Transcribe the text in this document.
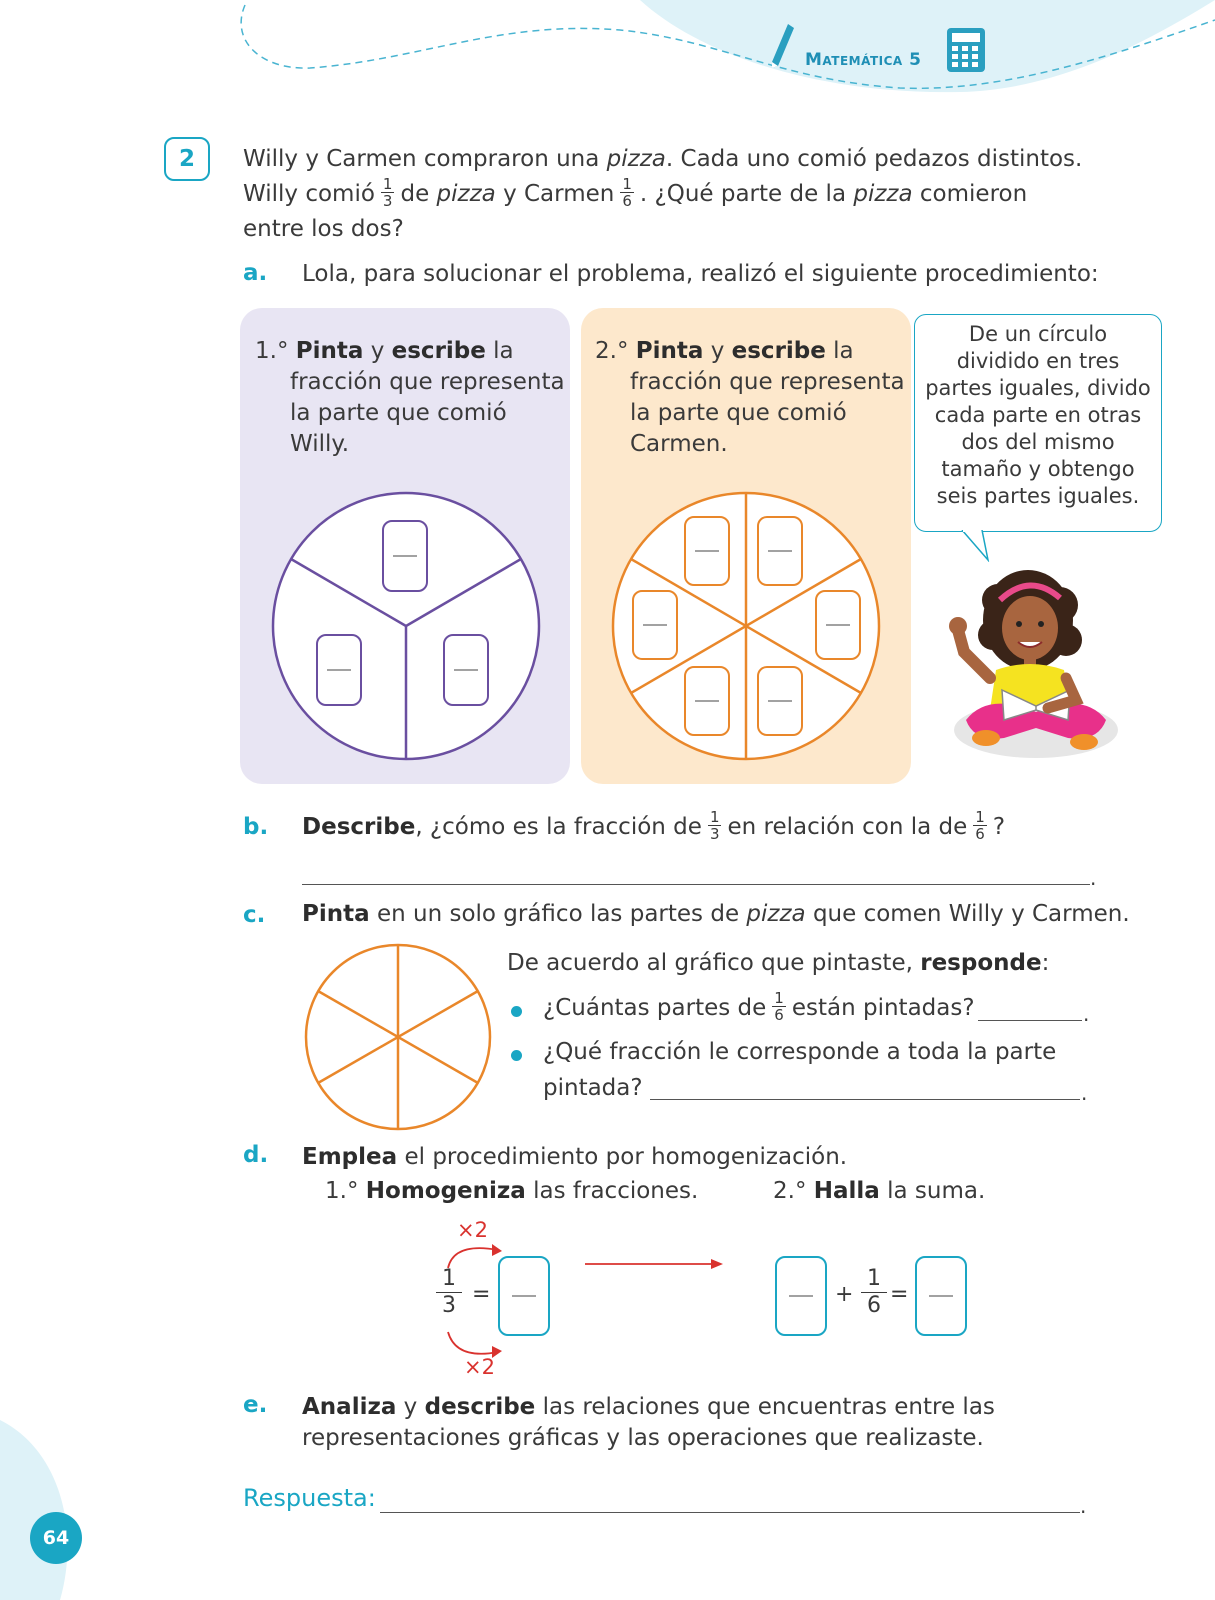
Matemática 5
2	Willy y Carmen compraron una pizza. Cada uno comió pedazos distintos.
Willy comió $\frac{1}{3}$ de pizza y Carmen $\frac{1}{6}$ . ¿Qué parte de la pizza comieron
entre los dos?
a. Lola, para solucionar el problema, realizó el siguiente procedimiento:
1.° Pinta y escribe la
fracción que representa
la parte que comió
Willy.
2.° Pinta y escribe la
fracción que representa
la parte que comió
Carmen.
De un círculo
dividido en tres
partes iguales, divido
cada parte en otras
dos del mismo
tamaño y obtengo
seis partes iguales.
b. Describe, ¿cómo es la fracción de $\frac{1}{3}$ en relación con la de $\frac{1}{6}$ ?
.
c. Pinta en un solo gráfico las partes de pizza que comen Willy y Carmen.
De acuerdo al gráfico que pintaste, responde:
¿Cuántas partes de $\frac{1}{6}$ están pintadas?	.
¿Qué fracción le corresponde a toda la parte
pintada?	.
d. Emplea el procedimiento por homogenización.
1.° Homogeniza las fracciones.	2.° Halla la suma.
×2
1
3 =
×2
+
1
6 =
e. Analiza y describe las relaciones que encuentras entre las
representaciones gráficas y las operaciones que realizaste.
Respuesta:	.
64
